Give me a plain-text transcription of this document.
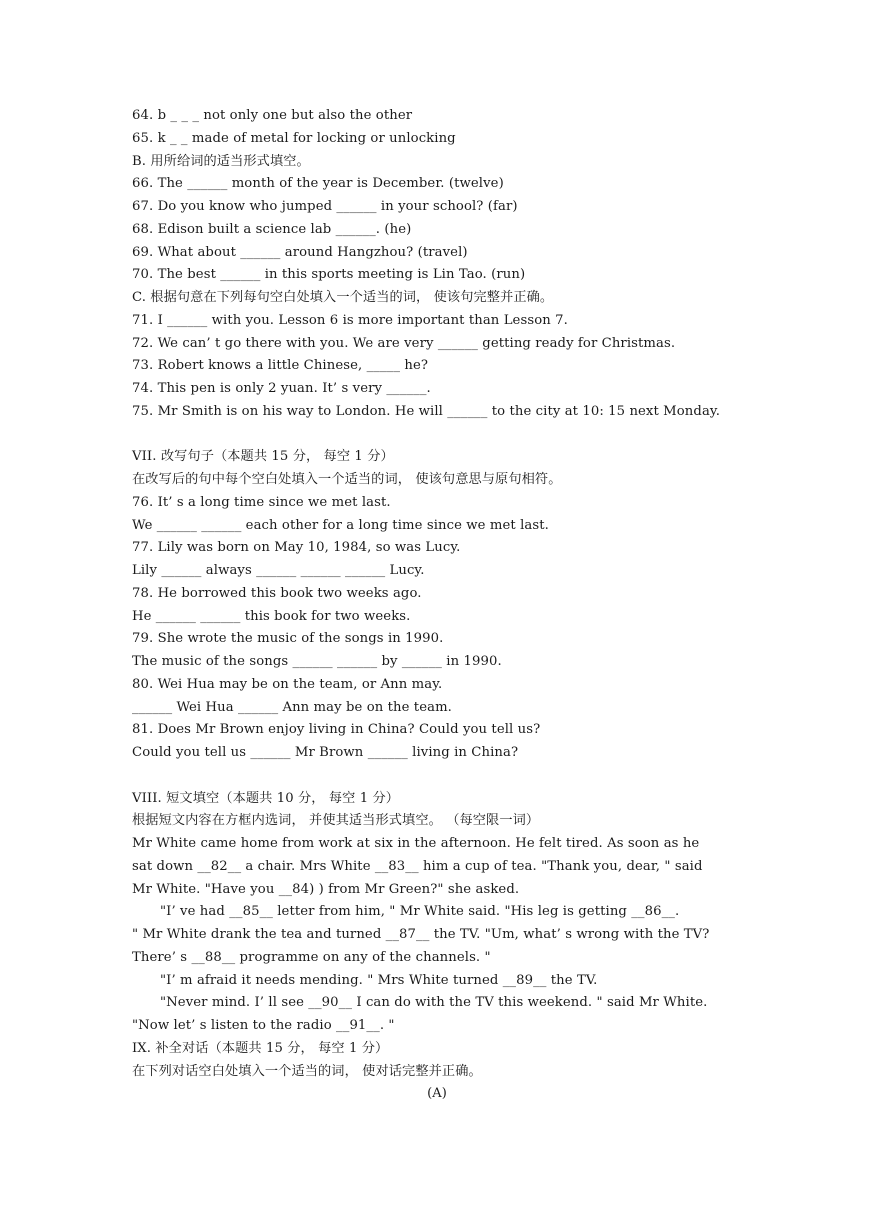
64. b _ _ _ not only one but also the other
65. k _ _ made of metal for locking or unlocking
B. 用所给词的适当形式填空。
66. The ______ month of the year is December. (twelve)
67. Do you know who jumped ______ in your school? (far)
68. Edison built a science lab ______. (he)
69. What about ______ around Hangzhou? (travel)
70. The best ______ in this sports meeting is Lin Tao. (run)
C. 根据句意在下列每句空白处填入一个适当的词， 使该句完整并正确。
71. I ______ with you. Lesson 6 is more important than Lesson 7.
72. We can’ t go there with you. We are very ______ getting ready for Christmas.
73. Robert knows a little Chinese, _____ he?
74. This pen is only 2 yuan. It’ s very ______.
75. Mr Smith is on his way to London. He will ______ to the city at 10: 15 next Monday.
VII. 改写句子（本题共 15 分， 每空 1 分）
在改写后的句中每个空白处填入一个适当的词， 使该句意思与原句相符。
76. It’ s a long time since we met last.
We ______ ______ each other for a long time since we met last.
77. Lily was born on May 10, 1984, so was Lucy.
Lily ______ always ______ ______ ______ Lucy.
78. He borrowed this book two weeks ago.
He ______ ______ this book for two weeks.
79. She wrote the music of the songs in 1990.
The music of the songs ______ ______ by ______ in 1990.
80. Wei Hua may be on the team, or Ann may.
______ Wei Hua ______ Ann may be on the team.
81. Does Mr Brown enjoy living in China? Could you tell us?
Could you tell us ______ Mr Brown ______ living in China?
VIII. 短文填空（本题共 10 分， 每空 1 分）
根据短文内容在方框内选词， 并使其适当形式填空。 （每空限一词）
Mr White came home from work at six in the afternoon. He felt tired. As soon as he
sat down __82__ a chair. Mrs White __83__ him a cup of tea. "Thank you, dear, " said
Mr White. "Have you __84) ) from Mr Green?" she asked.
"I’ ve had __85__ letter from him, " Mr White said. "His leg is getting __86__.
" Mr White drank the tea and turned __87__ the TV. "Um, what’ s wrong with the TV?
There’ s __88__ programme on any of the channels. "
"I’ m afraid it needs mending. " Mrs White turned __89__ the TV.
"Never mind. I’ ll see __90__ I can do with the TV this weekend. " said Mr White.
"Now let’ s listen to the radio __91__. "
IX. 补全对话（本题共 15 分， 每空 1 分）
在下列对话空白处填入一个适当的词， 使对话完整并正确。
(A)
